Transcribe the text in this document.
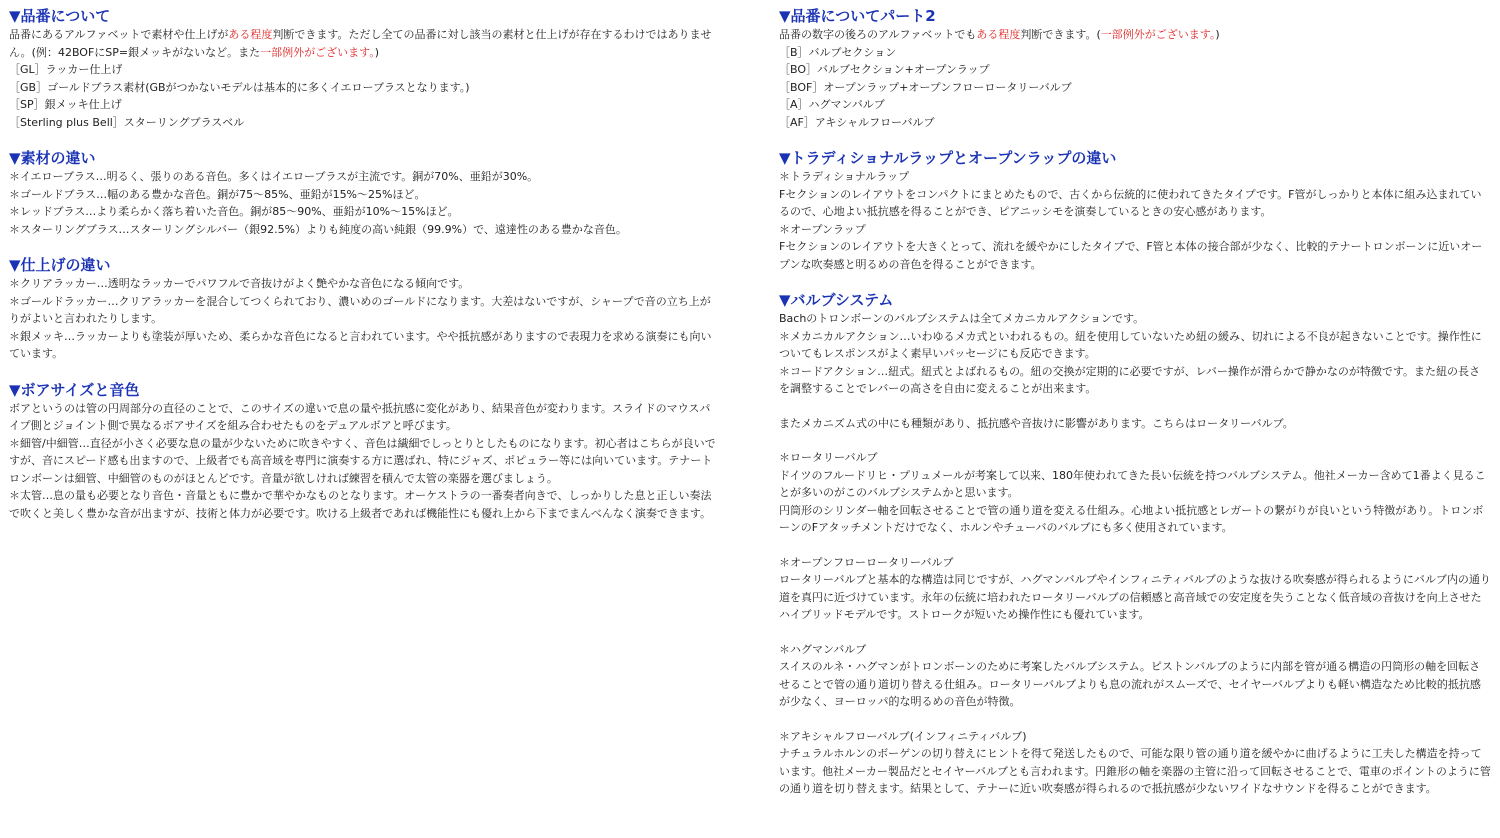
▼品番について

品番にあるアルファベットで素材や仕上げがある程度判断できます。ただし全ての品番に対し該当の素材と仕上げが存在するわけではありません。(例：42BOFにSP=銀メッキがないなど。また一部例外がございます。)

［GL］ラッカー仕上げ

［GB］ゴールドブラス素材(GBがつかないモデルは基本的に多くイエローブラスとなります。)

［SP］銀メッキ仕上げ

［Sterling plus Bell］スターリングブラスベル

▼素材の違い

＊イエローブラス…明るく、張りのある音色。多くはイエローブラスが主流です。銅が70%、亜鉛が30%。

＊ゴールドブラス…幅のある豊かな音色。銅が75〜85%、亜鉛が15%〜25%ほど。

＊レッドブラス…より柔らかく落ち着いた音色。銅が85〜90%、亜鉛が10%〜15%ほど。

＊スターリングブラス…スターリングシルバー（銀92.5%）よりも純度の高い純銀（99.9%）で、遠達性のある豊かな音色。

▼仕上げの違い

＊クリアラッカー…透明なラッカーでパワフルで音抜けがよく艶やかな音色になる傾向です。

＊ゴールドラッカー…クリアラッカーを混合してつくられており、濃いめのゴールドになります。大差はないですが、シャープで音の立ち上がりがよいと言われたりします。

＊銀メッキ…ラッカーよりも塗装が厚いため、柔らかな音色になると言われています。やや抵抗感がありますので表現力を求める演奏にも向いています。

▼ボアサイズと音色

ボアというのは管の円周部分の直径のことで、このサイズの違いで息の量や抵抗感に変化があり、結果音色が変わります。スライドのマウスパイプ側とジョイント側で異なるボアサイズを組み合わせたものをデュアルボアと呼びます。

＊細管/中細管…直径が小さく必要な息の量が少ないために吹きやすく、音色は繊細でしっとりとしたものになります。初心者はこちらが良いですが、音にスピード感も出ますので、上級者でも高音域を専門に演奏する方に選ばれ、特にジャズ、ポピュラー等には向いています。テナートロンボーンは細管、中細管のものがほとんどです。音量が欲しければ練習を積んで太管の楽器を選びましょう。

＊太管…息の量も必要となり音色・音量ともに豊かで華やかなものとなります。オーケストラの一番奏者向きで、しっかりした息と正しい奏法で吹くと美しく豊かな音が出ますが、技術と体力が必要です。吹ける上級者であれば機能性にも優れ上から下までまんべんなく演奏できます。

▼品番についてパート2

品番の数字の後ろのアルファベットでもある程度判断できます。(一部例外がございます。)

［B］バルブセクション

［BO］バルブセクション+オープンラップ

［BOF］オープンラップ+オープンフローロータリーバルブ

［A］ハグマンバルブ

［AF］アキシャルフローバルブ

▼トラディショナルラップとオープンラップの違い

＊トラディショナルラップ

Fセクションのレイアウトをコンパクトにまとめたもので、古くから伝統的に使われてきたタイプです。F管がしっかりと本体に組み込まれているので、心地よい抵抗感を得ることができ、ピアニッシモを演奏しているときの安心感があります。

＊オープンラップ

Fセクションのレイアウトを大きくとって、流れを緩やかにしたタイプで、F管と本体の接合部が少なく、比較的テナートロンボーンに近いオープンな吹奏感と明るめの音色を得ることができます。

▼バルブシステム

Bachのトロンボーンのバルブシステムは全てメカニカルアクションです。

＊メカニカルアクション…いわゆるメカ式といわれるもの。紐を使用していないため紐の緩み、切れによる不良が起きないことです。操作性についてもレスポンスがよく素早いパッセージにも反応できます。

＊コードアクション…紐式。紐式とよばれるもの。紐の交換が定期的に必要ですが、レバー操作が滑らかで静かなのが特徴です。また紐の長さを調整することでレバーの高さを自由に変えることが出来ます。

またメカニズム式の中にも種類があり、抵抗感や音抜けに影響があります。こちらはロータリーバルブ。

＊ロータリーバルブ

ドイツのフルードリヒ・プリュメールが考案して以来、180年使われてきた長い伝統を持つバルブシステム。他社メーカー含めて1番よく見ることが多いのがこのバルブシステムかと思います。

円筒形のシリンダー軸を回転させることで管の通り道を変える仕組み。心地よい抵抗感とレガートの繋がりが良いという特徴があり。トロンボーンのFアタッチメントだけでなく、ホルンやチューバのバルブにも多く使用されています。

＊オープンフローロータリーバルブ

ロータリーバルブと基本的な構造は同じですが、ハグマンバルブやインフィニティバルブのような抜ける吹奏感が得られるようにバルブ内の通り道を真円に近づけています。永年の伝統に培われたロータリーバルブの信頼感と高音域での安定度を失うことなく低音域の音抜けを向上させたハイブリッドモデルです。ストロークが短いため操作性にも優れています。

＊ハグマンバルブ

スイスのルネ・ハグマンがトロンボーンのために考案したバルブシステム。ピストンバルブのように内部を管が通る構造の円筒形の軸を回転させることで管の通り道切り替える仕組み。ロータリーバルブよりも息の流れがスムーズで、セイヤーバルブよりも軽い構造なため比較的抵抗感が少なく、ヨーロッパ的な明るめの音色が特徴。

＊アキシャルフローバルブ(インフィニティバルブ)

ナチュラルホルンのボーゲンの切り替えにヒントを得て発送したもので、可能な限り管の通り道を緩やかに曲げるように工夫した構造を持っています。他社メーカー製品だとセイヤーバルブとも言われます。円錐形の軸を楽器の主管に沿って回転させることで、電車のポイントのように管の通り道を切り替えます。結果として、テナーに近い吹奏感が得られるので抵抗感が少ないワイドなサウンドを得ることができます。
